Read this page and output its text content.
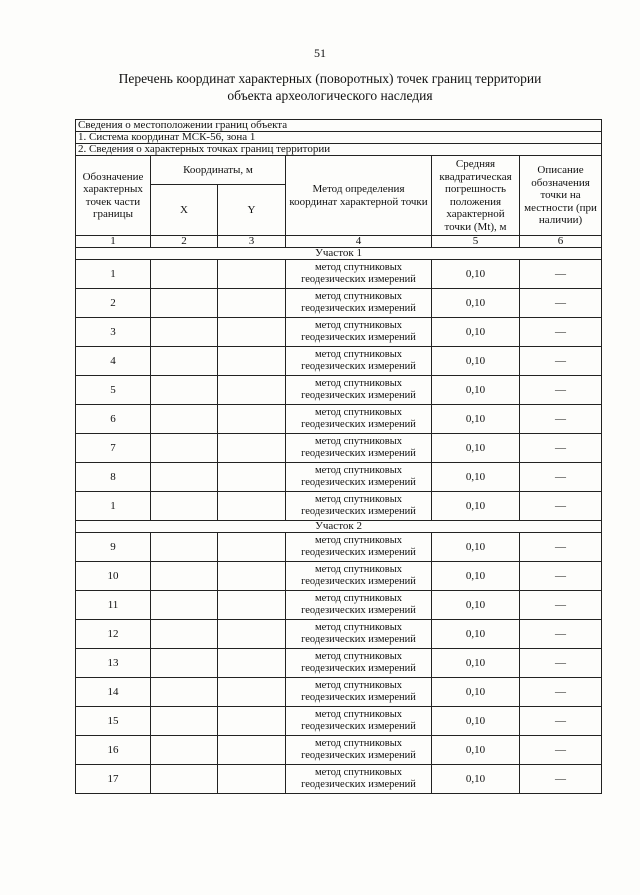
51
Перечень координат характерных (поворотных) точек границ территории
объекта археологического наследия
Сведения о местоположении границ объекта					
1. Система координат МСК-56, зона 1					
2. Сведения о характерных точках границ территории					
Обозначение характерных точек части границы	Координаты, м		Метод определения координат характерной точки	Средняя квадратическая погрешность положения характерной точки (Mt), м	Описание обозначения точки на местности (при наличии)
	X	Y			
1	2	3	4	5	6
Участок 1					
1			метод спутниковых геодезических измерений	0,10	—
2			метод спутниковых геодезических измерений	0,10	—
3			метод спутниковых геодезических измерений	0,10	—
4			метод спутниковых геодезических измерений	0,10	—
5			метод спутниковых геодезических измерений	0,10	—
6			метод спутниковых геодезических измерений	0,10	—
7			метод спутниковых геодезических измерений	0,10	—
8			метод спутниковых геодезических измерений	0,10	—
1			метод спутниковых геодезических измерений	0,10	—
Участок 2					
9			метод спутниковых геодезических измерений	0,10	—
10			метод спутниковых геодезических измерений	0,10	—
11			метод спутниковых геодезических измерений	0,10	—
12			метод спутниковых геодезических измерений	0,10	—
13			метод спутниковых геодезических измерений	0,10	—
14			метод спутниковых геодезических измерений	0,10	—
15			метод спутниковых геодезических измерений	0,10	—
16			метод спутниковых геодезических измерений	0,10	—
17			метод спутниковых геодезических измерений	0,10	—
